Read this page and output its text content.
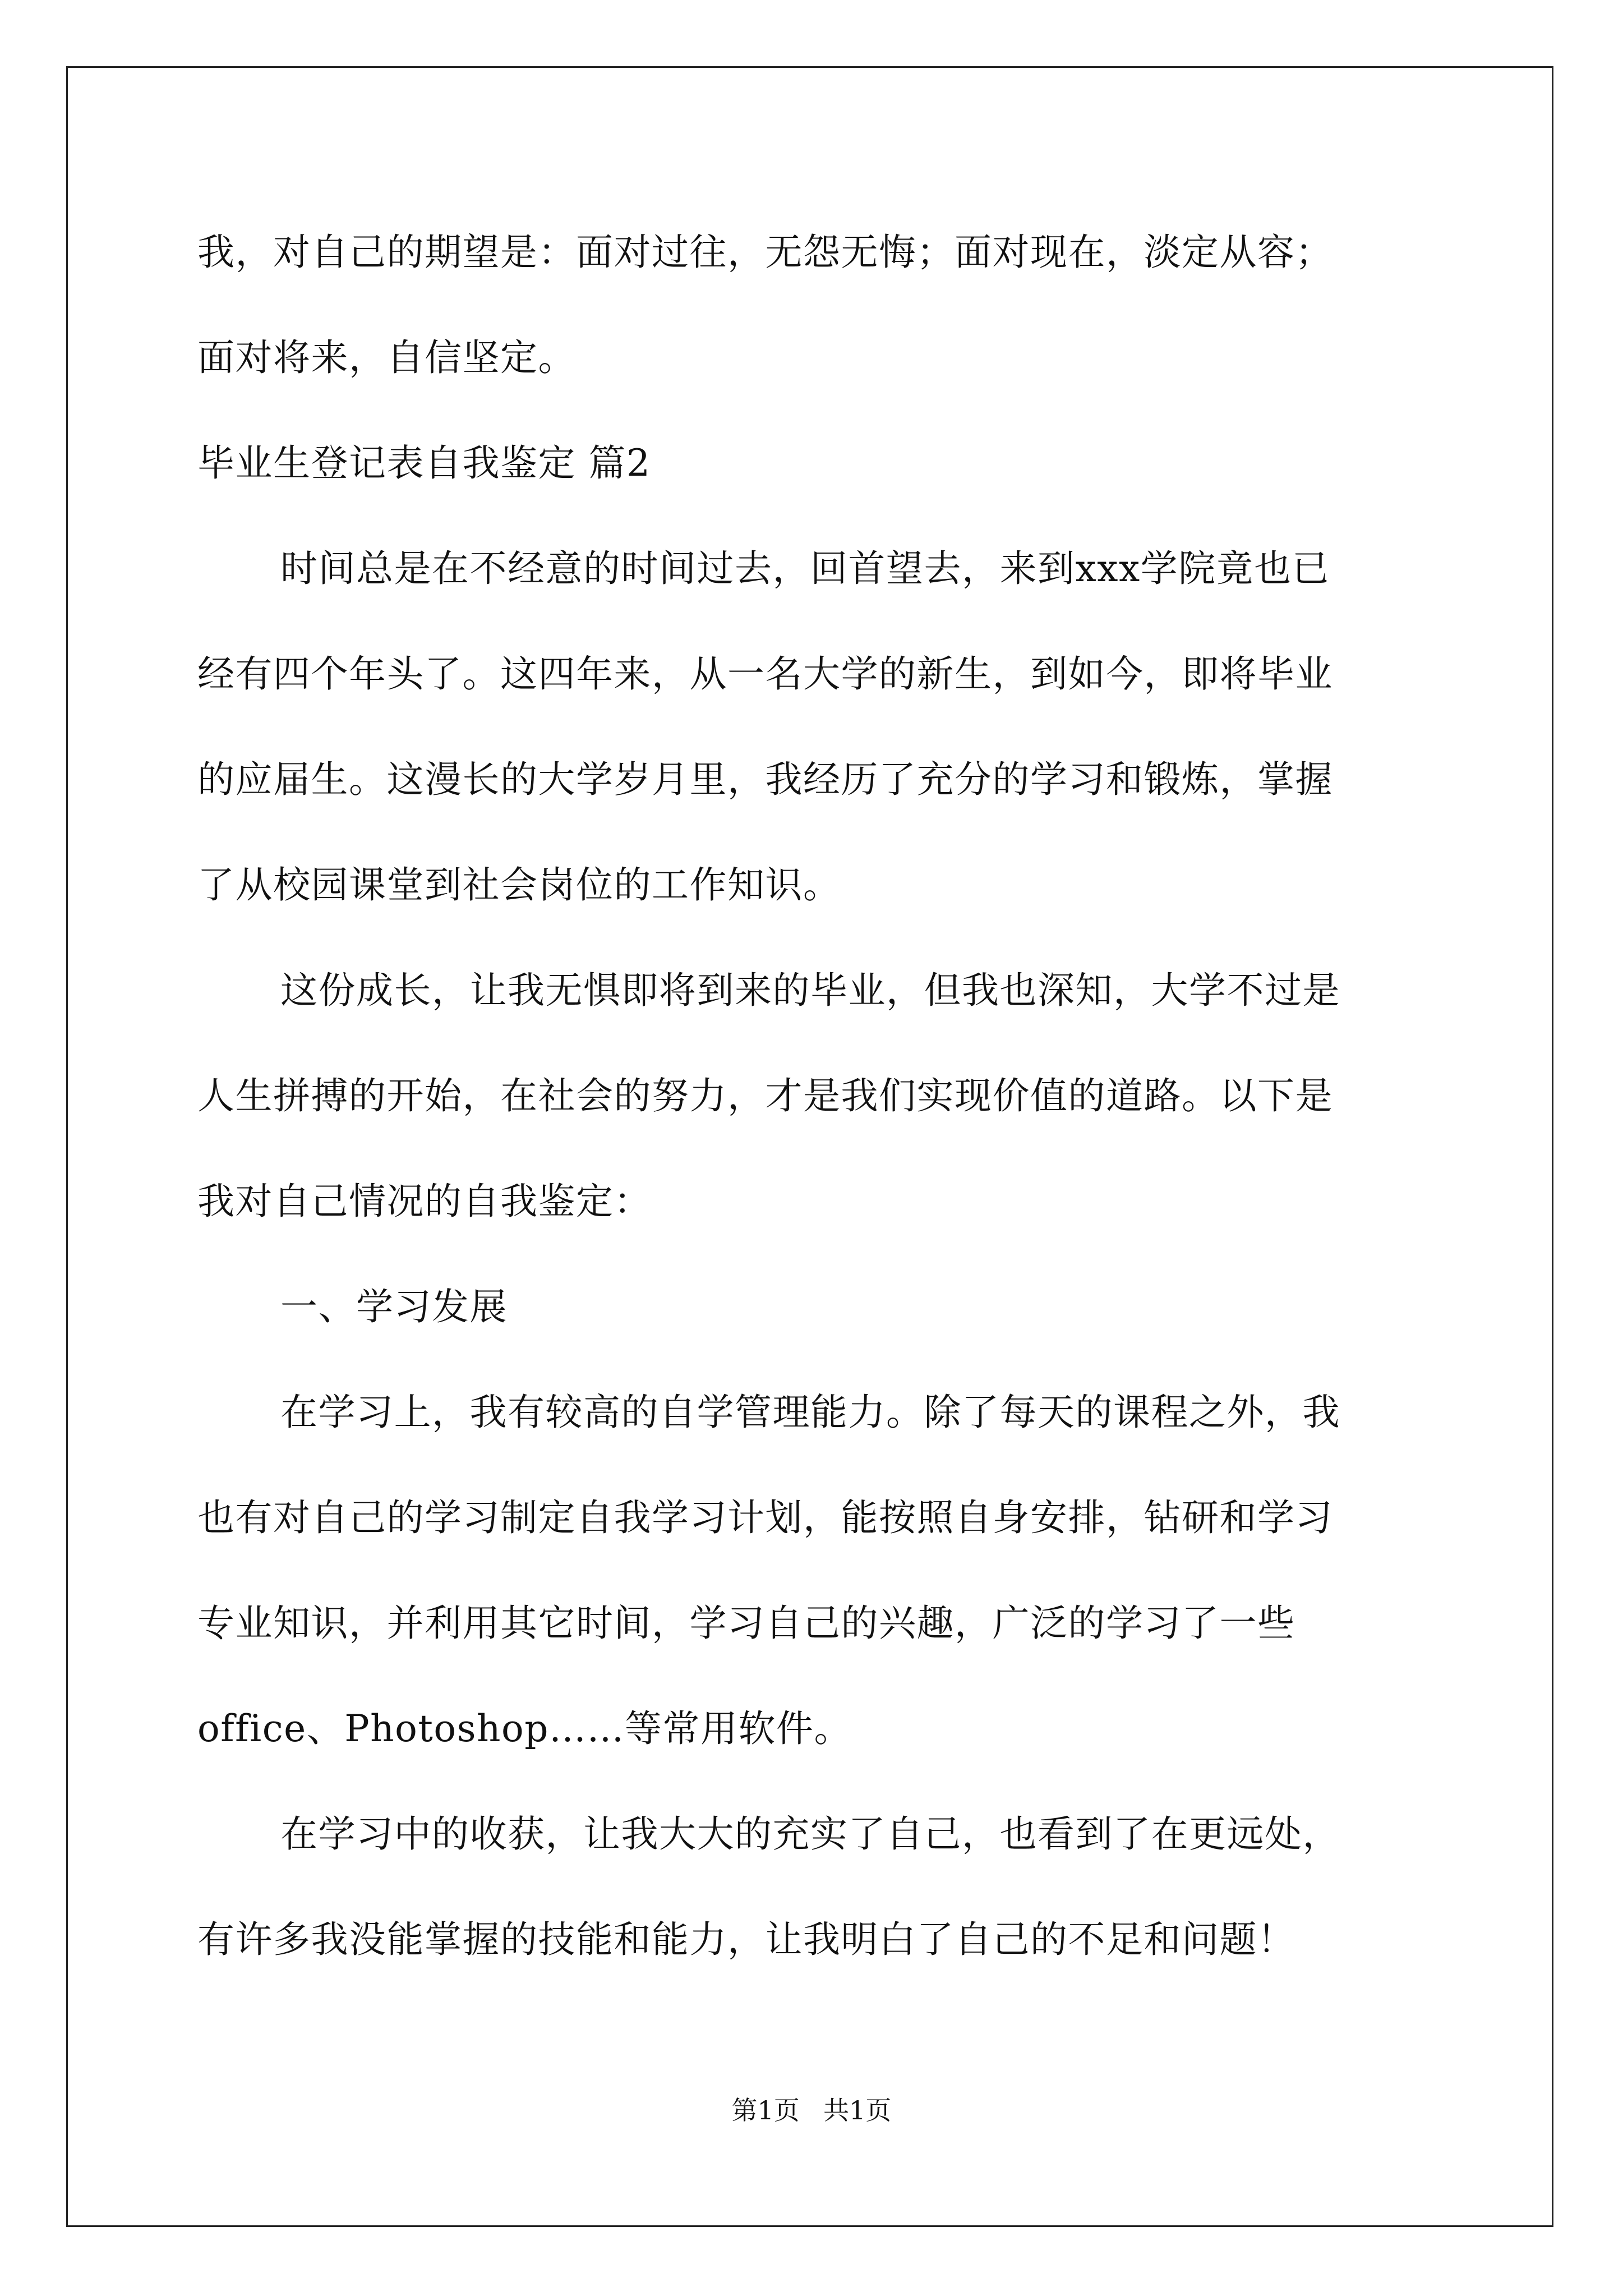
我，对自己的期望是：面对过往，无怨无悔；面对现在，淡定从容；

面对将来，自信坚定。

毕业生登记表自我鉴定 篇2

时间总是在不经意的时间过去，回首望去，来到xxx学院竟也已

经有四个年头了。这四年来，从一名大学的新生，到如今，即将毕业

的应届生。这漫长的大学岁月里，我经历了充分的学习和锻炼，掌握

了从校园课堂到社会岗位的工作知识。

这份成长，让我无惧即将到来的毕业，但我也深知，大学不过是

人生拼搏的开始，在社会的努力，才是我们实现价值的道路。以下是

我对自己情况的自我鉴定：

一、学习发展

在学习上，我有较高的自学管理能力。除了每天的课程之外，我

也有对自己的学习制定自我学习计划，能按照自身安排，钻研和学习

专业知识，并利用其它时间，学习自己的兴趣，广泛的学习了一些

office、Photoshop……等常用软件。

在学习中的收获，让我大大的充实了自己，也看到了在更远处，

有许多我没能掌握的技能和能力，让我明白了自己的不足和问题！

第1页 共1页
